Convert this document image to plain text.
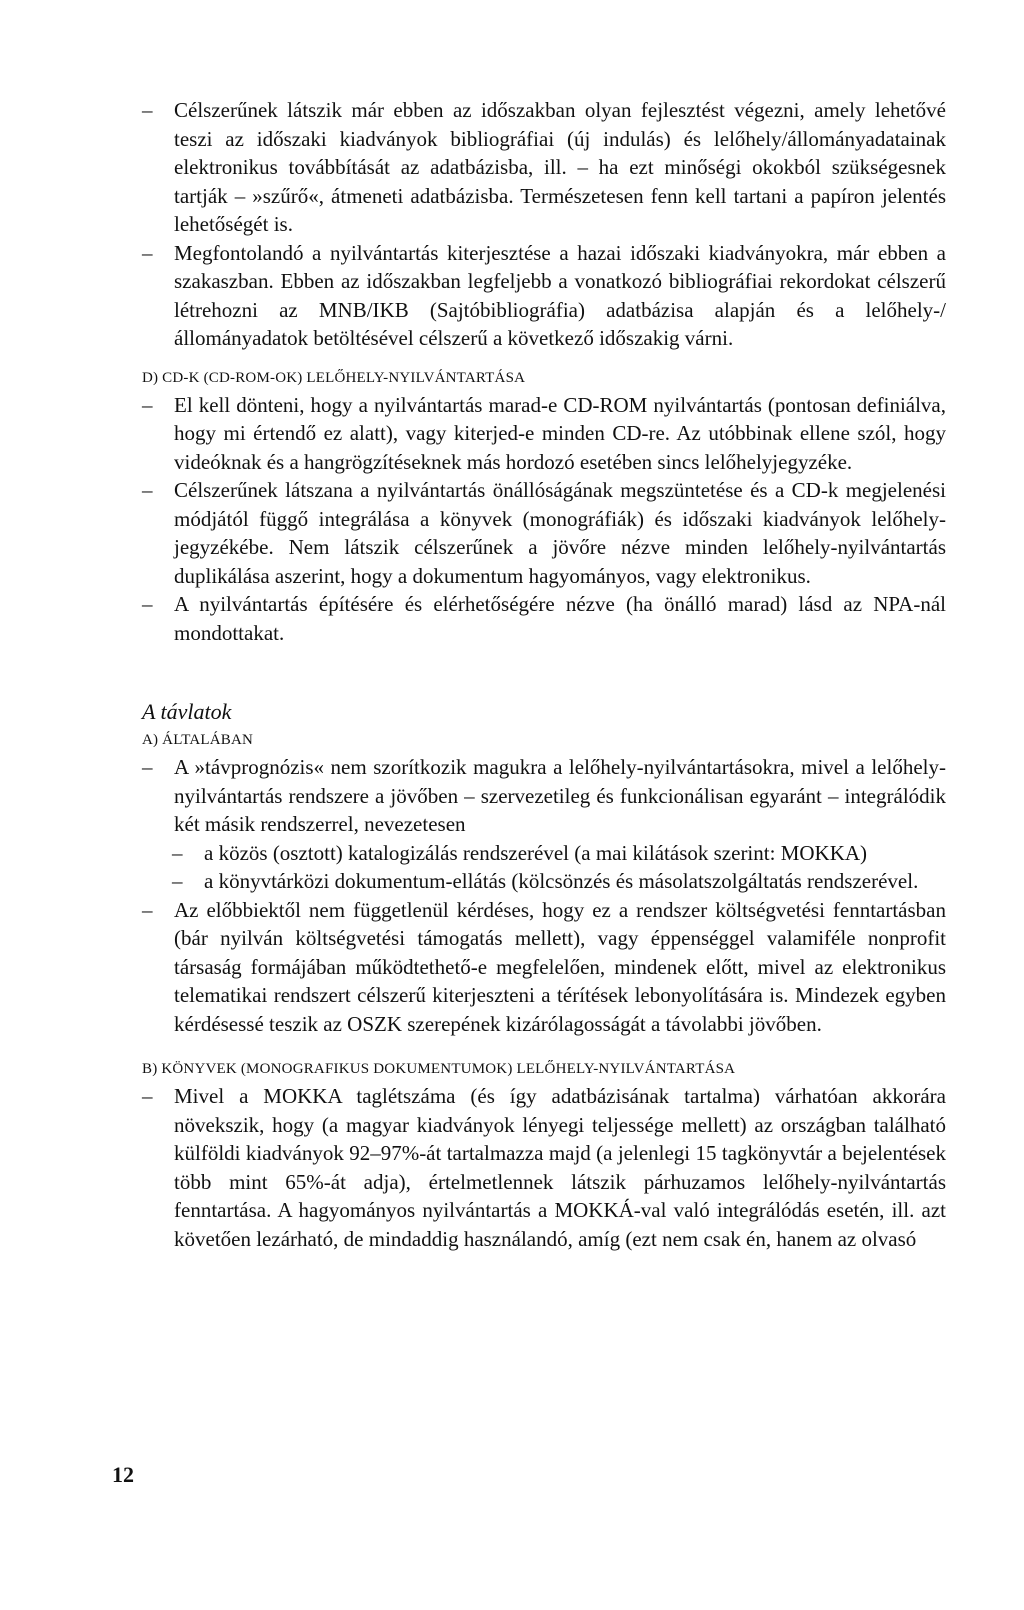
–	Célszerűnek látszik már ebben az időszakban olyan fejlesztést végezni, amely lehetővé teszi az időszaki kiadványok bibliográfiai (új indulás) és lelőhely/állományadatainak elektronikus továbbítását az adatbázisba, ill. – ha ezt minőségi okokból szükségesnek tartják – »szűrő«, átmeneti adatbázisba. Természetesen fenn kell tartani a papíron jelentés lehetőségét is.

–	Megfontolandó a nyilvántartás kiterjesztése a hazai időszaki kiadványokra, már ebben a szakaszban. Ebben az időszakban legfeljebb a vonatkozó bibliográfiai rekordokat célszerű létrehozni az MNB/IKB (Sajtóbibliográfia) adatbázisa alapján és a lelőhely-/állományadatok betöltésével célszerű a következő időszakig várni.

D) CD-K (CD-ROM-OK) LELŐHELY-NYILVÁNTARTÁSA

–	El kell dönteni, hogy a nyilvántartás marad-e CD-ROM nyilvántartás (pontosan definiálva, hogy mi értendő ez alatt), vagy kiterjed-e minden CD-re. Az utóbbinak ellene szól, hogy videóknak és a hangrögzítéseknek más hordozó esetében sincs lelőhelyjegyzéke.

–	Célszerűnek látszana a nyilvántartás önállóságának megszüntetése és a CD-k megjelenési módjától függő integrálása a könyvek (monográfiák) és időszaki kiadványok lelőhely-jegyzékébe. Nem látszik célszerűnek a jövőre nézve minden lelőhely-nyilvántartás duplikálása aszerint, hogy a dokumentum hagyományos, vagy elektronikus.

–	A nyilvántartás építésére és elérhetőségére nézve (ha önálló marad) lásd az NPA-nál mondottakat.

A távlatok

A) ÁLTALÁBAN

–	A »távprognózis« nem szorítkozik magukra a lelőhely-nyilvántartásokra, mivel a lelőhely-nyilvántartás rendszere a jövőben – szervezetileg és funkcionálisan egyaránt – integrálódik két másik rendszerrel, nevezetesen

–	a közös (osztott) katalogizálás rendszerével (a mai kilátások szerint: MOKKA)

–	a könyvtárközi dokumentum-ellátás (kölcsönzés és másolatszolgáltatás rendszerével.

–	Az előbbiektől nem függetlenül kérdéses, hogy ez a rendszer költségvetési fenntartásban (bár nyilván költségvetési támogatás mellett), vagy éppenséggel valamiféle nonprofit társaság formájában működtethető-e megfelelően, mindenek előtt, mivel az elektronikus telematikai rendszert célszerű kiterjeszteni a térítések lebonyolítására is. Mindezek egyben kérdésessé teszik az OSZK szerepének kizárólagosságát a távolabbi jövőben.

B) KÖNYVEK (MONOGRAFIKUS DOKUMENTUMOK) LELŐHELY-NYILVÁNTARTÁSA

–	Mivel a MOKKA taglétszáma (és így adatbázisának tartalma) várhatóan akkorára növekszik, hogy (a magyar kiadványok lényegi teljessége mellett) az országban található külföldi kiadványok 92–97%-át tartalmazza majd (a jelenlegi 15 tagkönyvtár a bejelentések több mint 65%-át adja), értelmetlennek látszik párhuzamos lelőhely-nyilvántartás fenntartása. A hagyományos nyilvántartás a MOKKÁ-val való integrálódás esetén, ill. azt követően lezárható, de mindaddig használandó, amíg (ezt nem csak én, hanem az olvasó

12
